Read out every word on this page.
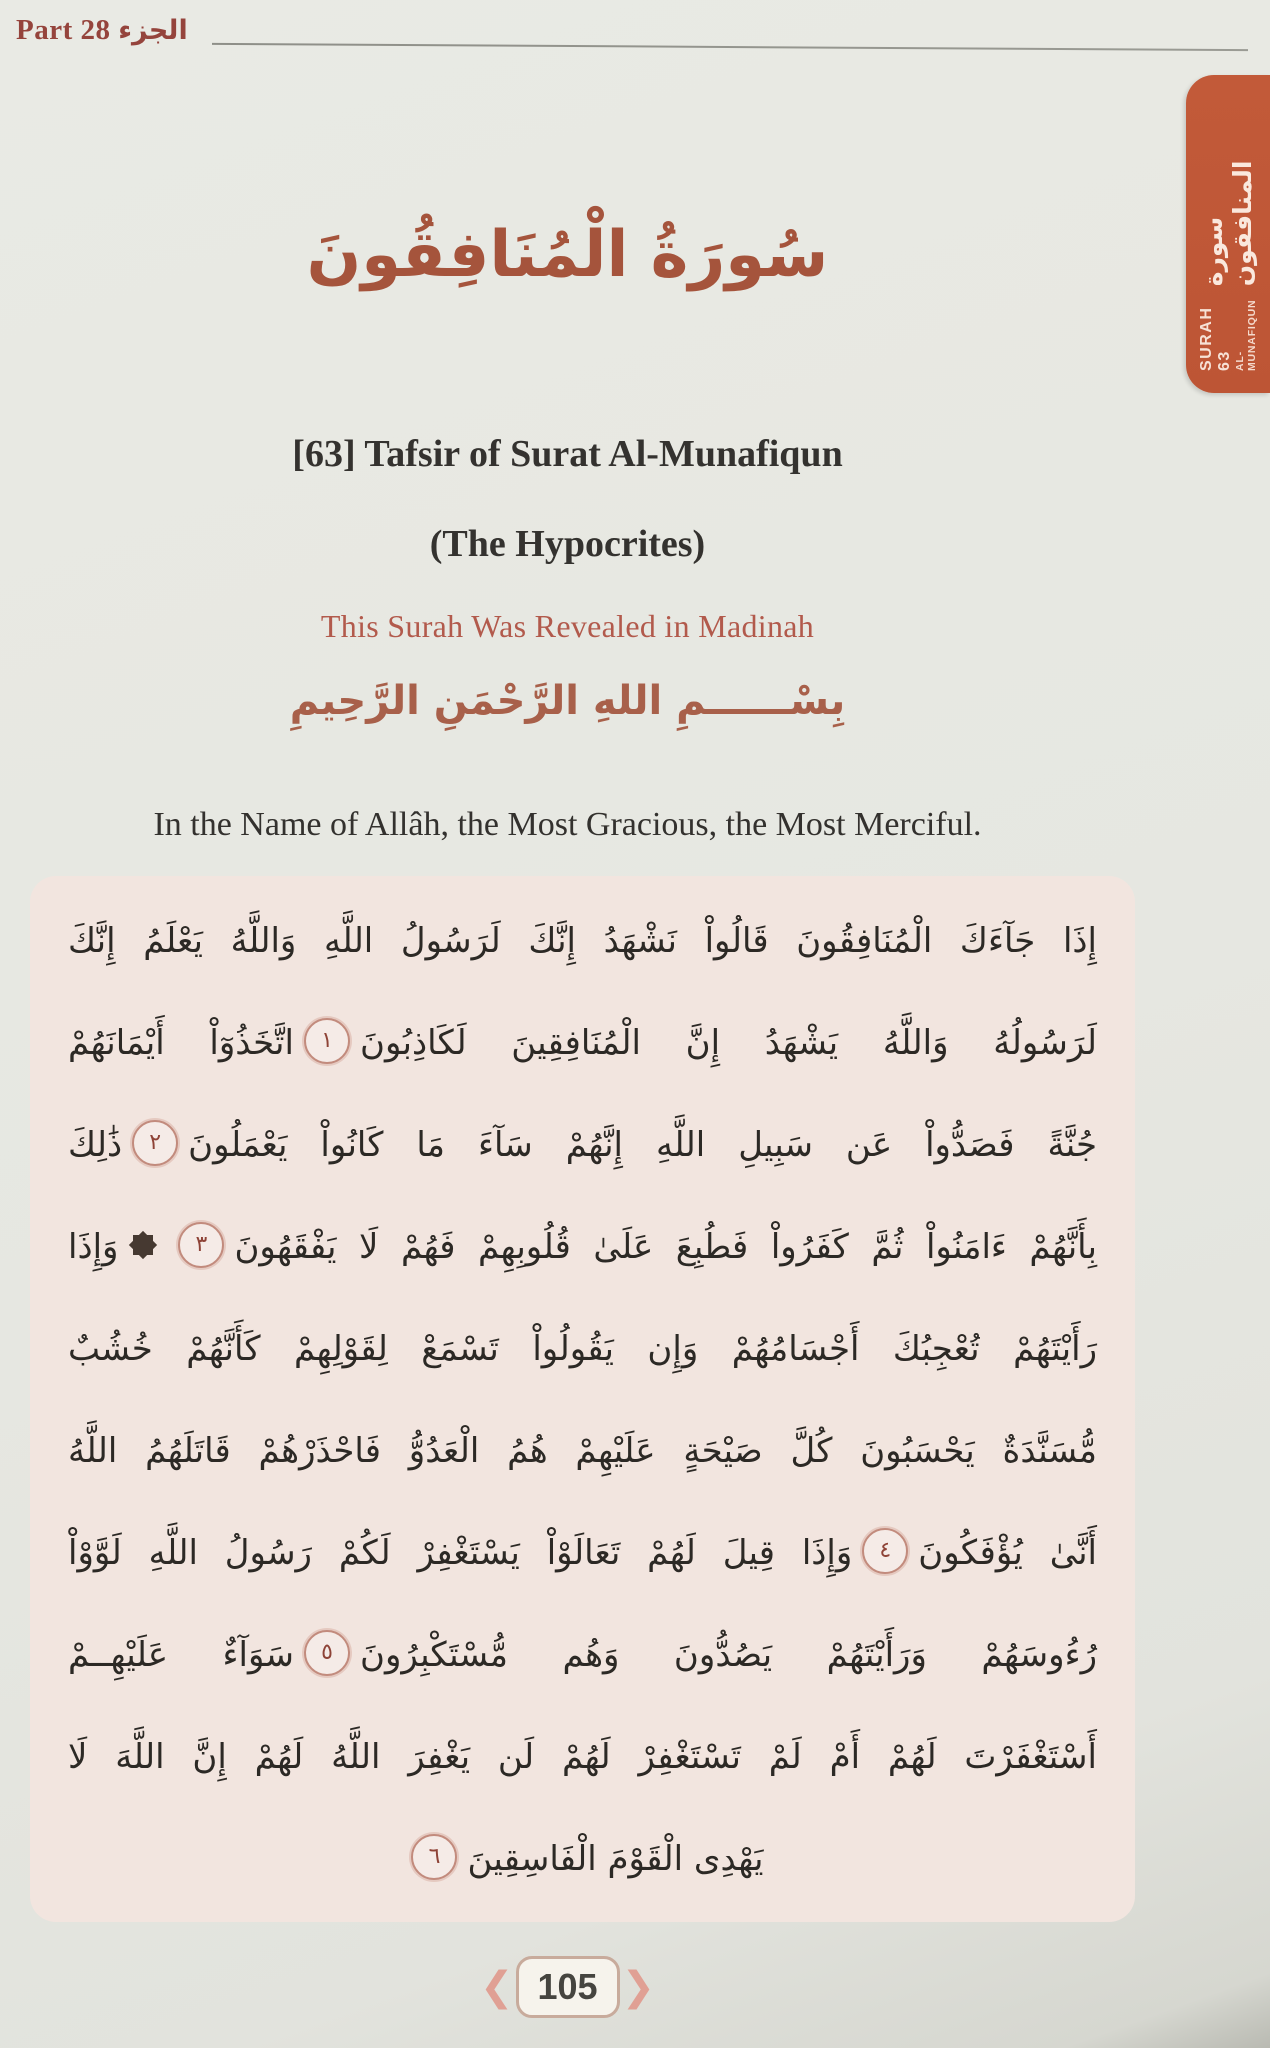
Part 28 الجزء
SURAH 63 AL-MUNAFIQUN
سورة المنافقون
سُورَةُ الْمُنَافِقُونَ
[63] Tafsir of Surat Al-Munafiqun
(The Hypocrites)
This Surah Was Revealed in Madinah
بِسْــــــمِ اللهِ الرَّحْمَنِ الرَّحِيمِ
In the Name of Allâh, the Most Gracious, the Most Merciful.
إِذَا جَآءَكَ الْمُنَافِقُونَ قَالُواْ نَشْهَدُ إِنَّكَ لَرَسُولُ اللَّهِ وَاللَّهُ يَعْلَمُ إِنَّكَ
لَرَسُولُهُ وَاللَّهُ يَشْهَدُ إِنَّ الْمُنَافِقِينَ لَكَاذِبُونَ١اتَّخَذُوٓاْ أَيْمَانَهُمْ
جُنَّةً فَصَدُّواْ عَن سَبِيلِ اللَّهِ إِنَّهُمْ سَآءَ مَا كَانُواْ يَعْمَلُونَ٢ذَٰلِكَ
بِأَنَّهُمْ ءَامَنُواْ ثُمَّ كَفَرُواْ فَطُبِعَ عَلَىٰ قُلُوبِهِمْ فَهُمْ لَا يَفْقَهُونَ٣وَإِذَا
رَأَيْتَهُمْ تُعْجِبُكَ أَجْسَامُهُمْ وَإِن يَقُولُواْ تَسْمَعْ لِقَوْلِهِمْ كَأَنَّهُمْ خُشُبٌ
مُّسَنَّدَةٌ يَحْسَبُونَ كُلَّ صَيْحَةٍ عَلَيْهِمْ هُمُ الْعَدُوُّ فَاحْذَرْهُمْ قَاتَلَهُمُ اللَّهُ
أَنَّىٰ يُؤْفَكُونَ٤وَإِذَا قِيلَ لَهُمْ تَعَالَوْاْ يَسْتَغْفِرْ لَكُمْ رَسُولُ اللَّهِ لَوَّوْاْ
رُءُوسَهُمْ وَرَأَيْتَهُمْ يَصُدُّونَ وَهُم مُّسْتَكْبِرُونَ٥سَوَآءٌ عَلَيْهِــمْ
أَسْتَغْفَرْتَ لَهُمْ أَمْ لَمْ تَسْتَغْفِرْ لَهُمْ لَن يَغْفِرَ اللَّهُ لَهُمْ إِنَّ اللَّهَ لَا
يَهْدِى الْقَوْمَ الْفَاسِقِينَ٦
❮ 105 ❯
